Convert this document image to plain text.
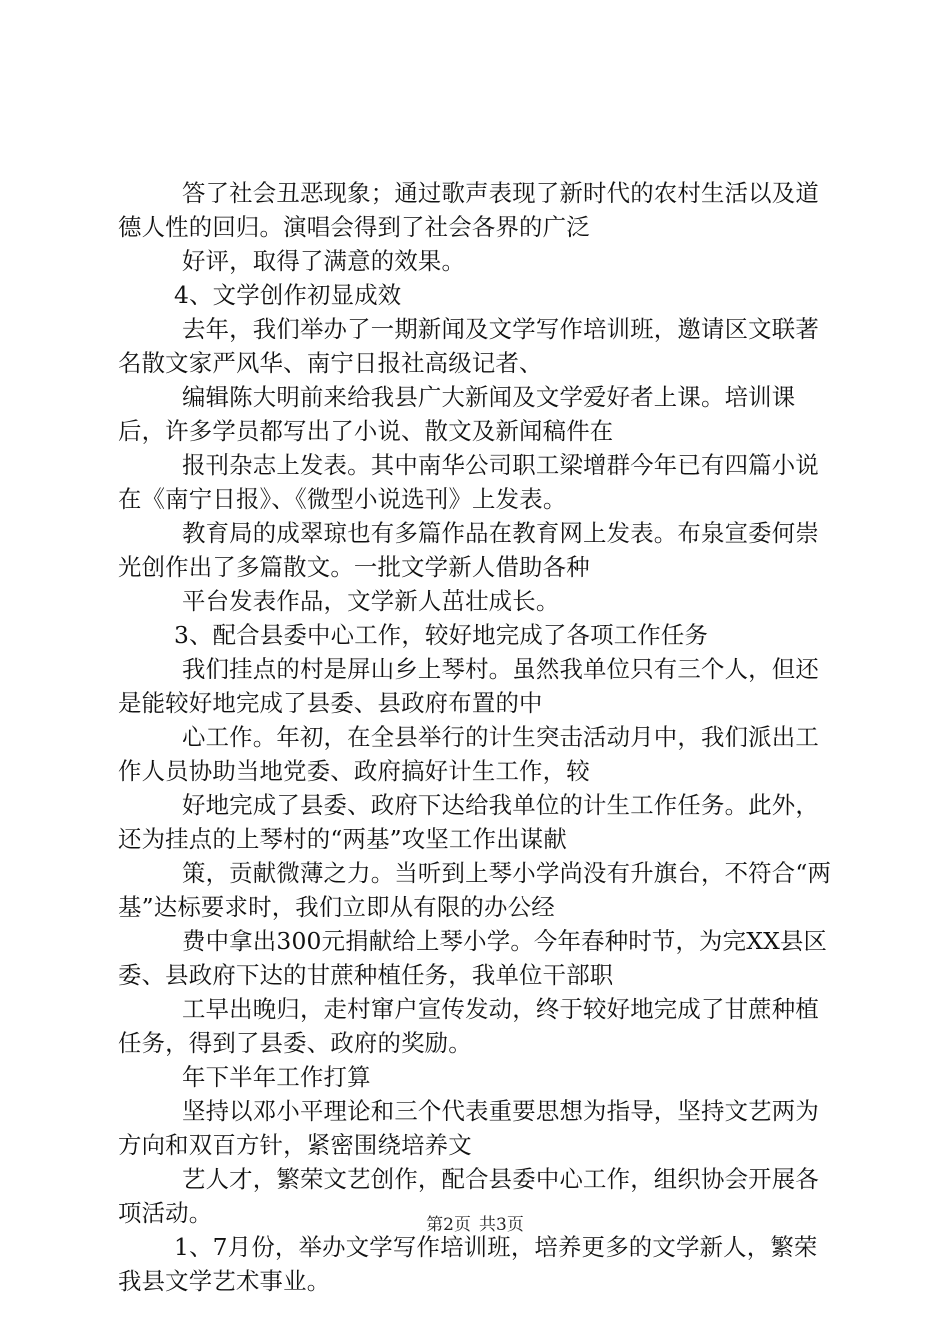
答了社会丑恶现象；通过歌声表现了新时代的农村生活以及道德人性的回归。演唱会得到了社会各界的广泛

好评，取得了满意的效果。

4、文学创作初显成效

去年，我们举办了一期新闻及文学写作培训班，邀请区文联著名散文家严风华、南宁日报社高级记者、

编辑陈大明前来给我县广大新闻及文学爱好者上课。培训课后，许多学员都写出了小说、散文及新闻稿件在

报刊杂志上发表。其中南华公司职工梁增群今年已有四篇小说在《南宁日报》、《微型小说选刊》上发表。

教育局的成翠琼也有多篇作品在教育网上发表。布泉宣委何崇光创作出了多篇散文。一批文学新人借助各种

平台发表作品，文学新人茁壮成长。

3、配合县委中心工作，较好地完成了各项工作任务

我们挂点的村是屏山乡上琴村。虽然我单位只有三个人，但还是能较好地完成了县委、县政府布置的中

心工作。年初，在全县举行的计生突击活动月中，我们派出工作人员协助当地党委、政府搞好计生工作，较

好地完成了县委、政府下达给我单位的计生工作任务。此外，还为挂点的上琴村的“两基”攻坚工作出谋献

策，贡献微薄之力。当听到上琴小学尚没有升旗台，不符合“两基”达标要求时，我们立即从有限的办公经

费中拿出300元捐献给上琴小学。今年春种时节，为完XX县区委、县政府下达的甘蔗种植任务，我单位干部职

工早出晚归，走村窜户宣传发动，终于较好地完成了甘蔗种植任务，得到了县委、政府的奖励。

年下半年工作打算

坚持以邓小平理论和三个代表重要思想为指导，坚持文艺两为方向和双百方针，紧密围绕培养文

艺人才，繁荣文艺创作，配合县委中心工作，组织协会开展各项活动。

1、7月份，举办文学写作培训班，培养更多的文学新人，繁荣我县文学艺术事业。

第2页 共3页
